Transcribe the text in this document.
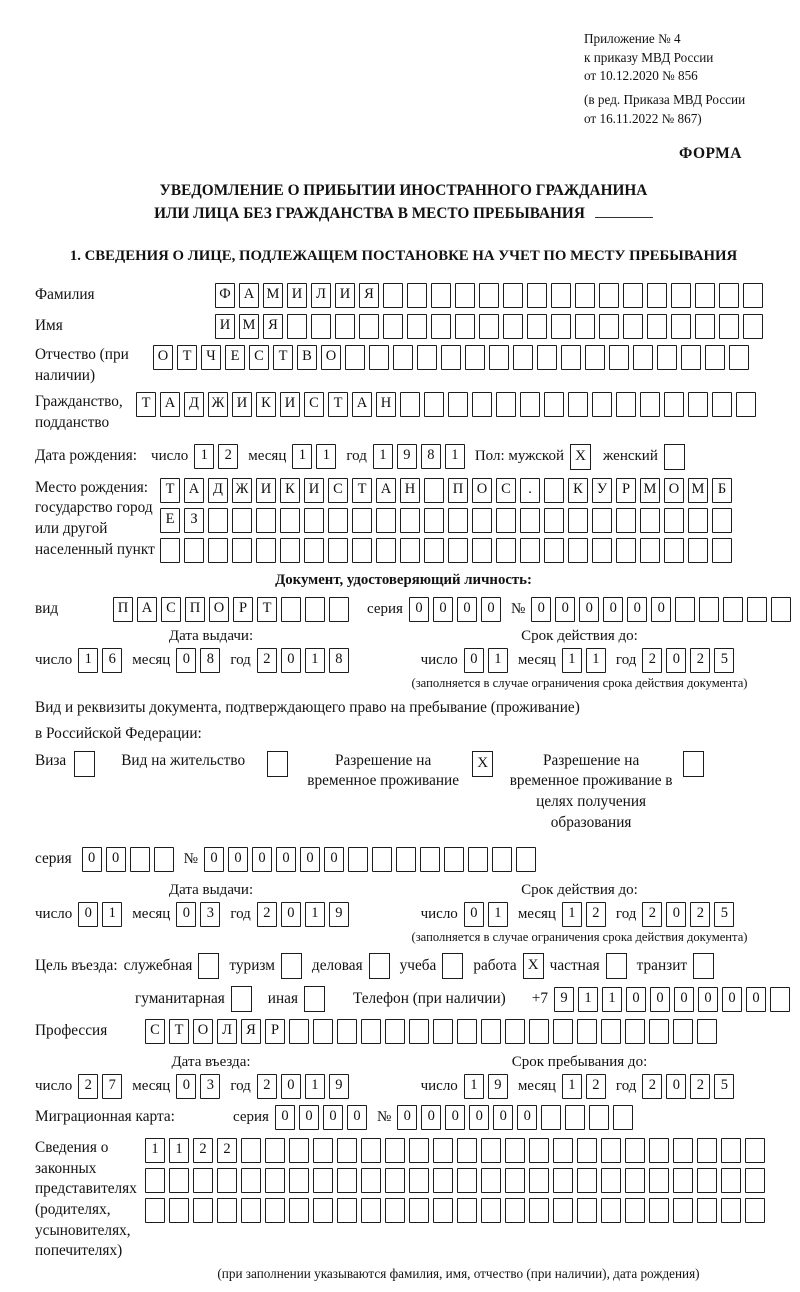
Приложение № 4
к приказу МВД России
от 10.12.2020 № 856
(в ред. Приказа МВД России
от 16.11.2022 № 867)
ФОРМА
УВЕДОМЛЕНИЕ О ПРИБЫТИИ ИНОСТРАННОГО ГРАЖДАНИНА
ИЛИ ЛИЦА БЕЗ ГРАЖДАНСТВА В МЕСТО ПРЕБЫВАНИЯ
1. СВЕДЕНИЯ О ЛИЦЕ, ПОДЛЕЖАЩЕМ ПОСТАНОВКЕ НА УЧЕТ ПО МЕСТУ ПРЕБЫВАНИЯ
Фамилия	Ф А М И Л И Я
Имя	И М Я
Отчество (при наличии)
О Т Ч Е С Т В О
Гражданство, подданство
Т А Д Ж И К И С Т А Н
Дата рождения: число 1 2	месяц 1 1	год 1 9 8 1	Пол: мужской X	женский
Место рождения: государство город или другой населенный пункт
Т А Д Ж И К И С Т А Н	П О С .	К У Р М О М Б
Е З
Документ, удостоверяющий личность:
вид	П А С П О Р Т	серия 0 0 0 0	№ 0 0 0 0 0 0
Дата выдачи:
число 1 6	месяц 0 8	год 2 0 1 8
Срок действия до:
число 0 1	месяц 1 1	год 2 0 2 5
(заполняется в случае ограничения срока действия документа)
Вид и реквизиты документа, подтверждающего право на пребывание (проживание)
в Российской Федерации:
Виза	Вид на жительство	Разрешение на временное проживание
X	Разрешение на временное проживание в целях получения образования
серия	0 0	№ 0 0 0 0 0 0
Дата выдачи:
число 0 1	месяц 0 3	год 2 0 1 9
Срок действия до:
число 0 1	месяц 1 2	год 2 0 2 5
(заполняется в случае ограничения срока действия документа)
Цель въезда: служебная туризм деловая учеба работа X частная транзит
гуманитарная	иная	Телефон (при наличии) +7 9 1 1 0 0 0 0 0 0
Профессия	С Т О Л Я Р
Дата въезда:
число 2 7	месяц 0 3	год 2 0 1 9
Срок пребывания до:
число 1 9	месяц 1 2	год 2 0 2 5
Миграционная карта:	серия 0 0 0 0	№ 0 0 0 0 0 0
Сведения о законных представителях (родителях, усыновителях, попечителях)
1 1 2 2
(при заполнении указываются фамилия, имя, отчество (при наличии), дата рождения)
